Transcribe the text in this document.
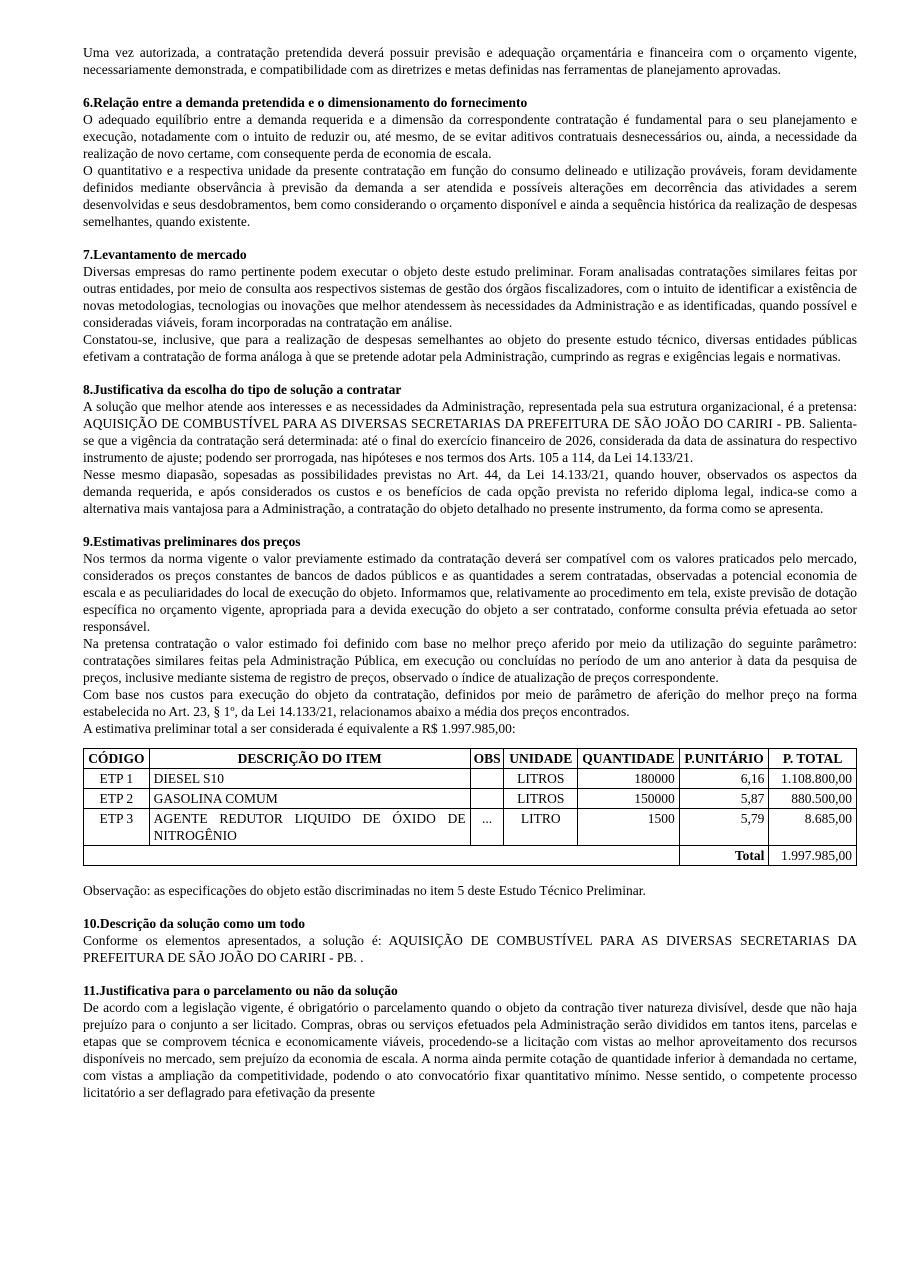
Uma vez autorizada, a contratação pretendida deverá possuir previsão e adequação orçamentária e financeira com o orçamento vigente, necessariamente demonstrada, e compatibilidade com as diretrizes e metas definidas nas ferramentas de planejamento aprovadas.

6.Relação entre a demanda pretendida e o dimensionamento do fornecimento

O adequado equilíbrio entre a demanda requerida e a dimensão da correspondente contratação é fundamental para o seu planejamento e execução, notadamente com o intuito de reduzir ou, até mesmo, de se evitar aditivos contratuais desnecessários ou, ainda, a necessidade da realização de novo certame, com consequente perda de economia de escala.

O quantitativo e a respectiva unidade da presente contratação em função do consumo delineado e utilização prováveis, foram devidamente definidos mediante observância à previsão da demanda a ser atendida e possíveis alterações em decorrência das atividades a serem desenvolvidas e seus desdobramentos, bem como considerando o orçamento disponível e ainda a sequência histórica da realização de despesas semelhantes, quando existente.

7.Levantamento de mercado

Diversas empresas do ramo pertinente podem executar o objeto deste estudo preliminar. Foram analisadas contratações similares feitas por outras entidades, por meio de consulta aos respectivos sistemas de gestão dos órgãos fiscalizadores, com o intuito de identificar a existência de novas metodologias, tecnologias ou inovações que melhor atendessem às necessidades da Administração e as identificadas, quando possível e consideradas viáveis, foram incorporadas na contratação em análise.

Constatou-se, inclusive, que para a realização de despesas semelhantes ao objeto do presente estudo técnico, diversas entidades públicas efetivam a contratação de forma análoga à que se pretende adotar pela Administração, cumprindo as regras e exigências legais e normativas.

8.Justificativa da escolha do tipo de solução a contratar

A solução que melhor atende aos interesses e as necessidades da Administração, representada pela sua estrutura organizacional, é a pretensa: AQUISIÇÃO DE COMBUSTÍVEL PARA AS DIVERSAS SECRETARIAS DA PREFEITURA DE SÃO JOÃO DO CARIRI - PB. Salienta-se que a vigência da contratação será determinada: até o final do exercício financeiro de 2026, considerada da data de assinatura do respectivo instrumento de ajuste; podendo ser prorrogada, nas hipóteses e nos termos dos Arts. 105 a 114, da Lei 14.133/21.

Nesse mesmo diapasão, sopesadas as possibilidades previstas no Art. 44, da Lei 14.133/21, quando houver, observados os aspectos da demanda requerida, e após considerados os custos e os benefícios de cada opção prevista no referido diploma legal, indica-se como a alternativa mais vantajosa para a Administração, a contratação do objeto detalhado no presente instrumento, da forma como se apresenta.

9.Estimativas preliminares dos preços

Nos termos da norma vigente o valor previamente estimado da contratação deverá ser compatível com os valores praticados pelo mercado, considerados os preços constantes de bancos de dados públicos e as quantidades a serem contratadas, observadas a potencial economia de escala e as peculiaridades do local de execução do objeto. Informamos que, relativamente ao procedimento em tela, existe previsão de dotação específica no orçamento vigente, apropriada para a devida execução do objeto a ser contratado, conforme consulta prévia efetuada ao setor responsável.

Na pretensa contratação o valor estimado foi definido com base no melhor preço aferido por meio da utilização do seguinte parâmetro: contratações similares feitas pela Administração Pública, em execução ou concluídas no período de um ano anterior à data da pesquisa de preços, inclusive mediante sistema de registro de preços, observado o índice de atualização de preços correspondente.

Com base nos custos para execução do objeto da contratação, definidos por meio de parâmetro de aferição do melhor preço na forma estabelecida no Art. 23, § 1º, da Lei 14.133/21, relacionamos abaixo a média dos preços encontrados.

A estimativa preliminar total a ser considerada é equivalente a R$ 1.997.985,00:

CÓDIGO	DESCRIÇÃO DO ITEM	OBS	UNIDADE	QUANTIDADE	P.UNITÁRIO	P. TOTAL
ETP 1	DIESEL S10		LITROS	180000	6,16	1.108.800,00
ETP 2	GASOLINA COMUM		LITROS	150000	5,87	880.500,00
ETP 3	AGENTE REDUTOR LIQUIDO DE ÓXIDO DE NITROGÊNIO	...	LITRO	1500	5,79	8.685,00
					Total	1.997.985,00

Observação: as especificações do objeto estão discriminadas no item 5 deste Estudo Técnico Preliminar.

10.Descrição da solução como um todo

Conforme os elementos apresentados, a solução é: AQUISIÇÃO DE COMBUSTÍVEL PARA AS DIVERSAS SECRETARIAS DA PREFEITURA DE SÃO JOÃO DO CARIRI - PB. .

11.Justificativa para o parcelamento ou não da solução

De acordo com a legislação vigente, é obrigatório o parcelamento quando o objeto da contração tiver natureza divisível, desde que não haja prejuízo para o conjunto a ser licitado. Compras, obras ou serviços efetuados pela Administração serão divididos em tantos itens, parcelas e etapas que se comprovem técnica e economicamente viáveis, procedendo-se a licitação com vistas ao melhor aproveitamento dos recursos disponíveis no mercado, sem prejuízo da economia de escala. A norma ainda permite cotação de quantidade inferior à demandada no certame, com vistas a ampliação da competitividade, podendo o ato convocatório fixar quantitativo mínimo. Nesse sentido, o competente processo licitatório a ser deflagrado para efetivação da presente
